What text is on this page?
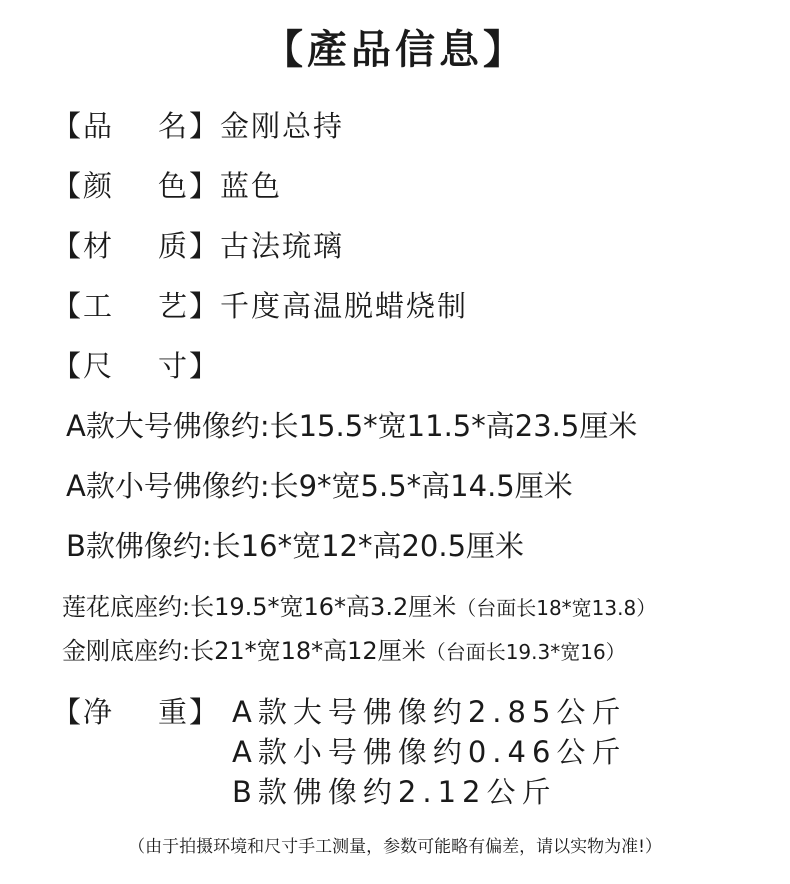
【產品信息】
【品 名】金刚总持
【颜 色】蓝色
【材 质】古法琉璃
【工 艺】千度高温脱蜡烧制
【尺 寸】
A款大号佛像约:长15.5*宽11.5*高23.5厘米
A款小号佛像约:长9*宽5.5*高14.5厘米
B款佛像约:长16*宽12*高20.5厘米
莲花底座约:长19.5*宽16*高3.2厘米（台面长18*宽13.8）
金刚底座约:长21*宽18*高12厘米（台面长19.3*宽16）
【净 重】 A款大号佛像约2.85公斤
A款小号佛像约0.46公斤
B款佛像约2.12公斤
（由于拍摄环境和尺寸手工测量，参数可能略有偏差，请以实物为准!）
